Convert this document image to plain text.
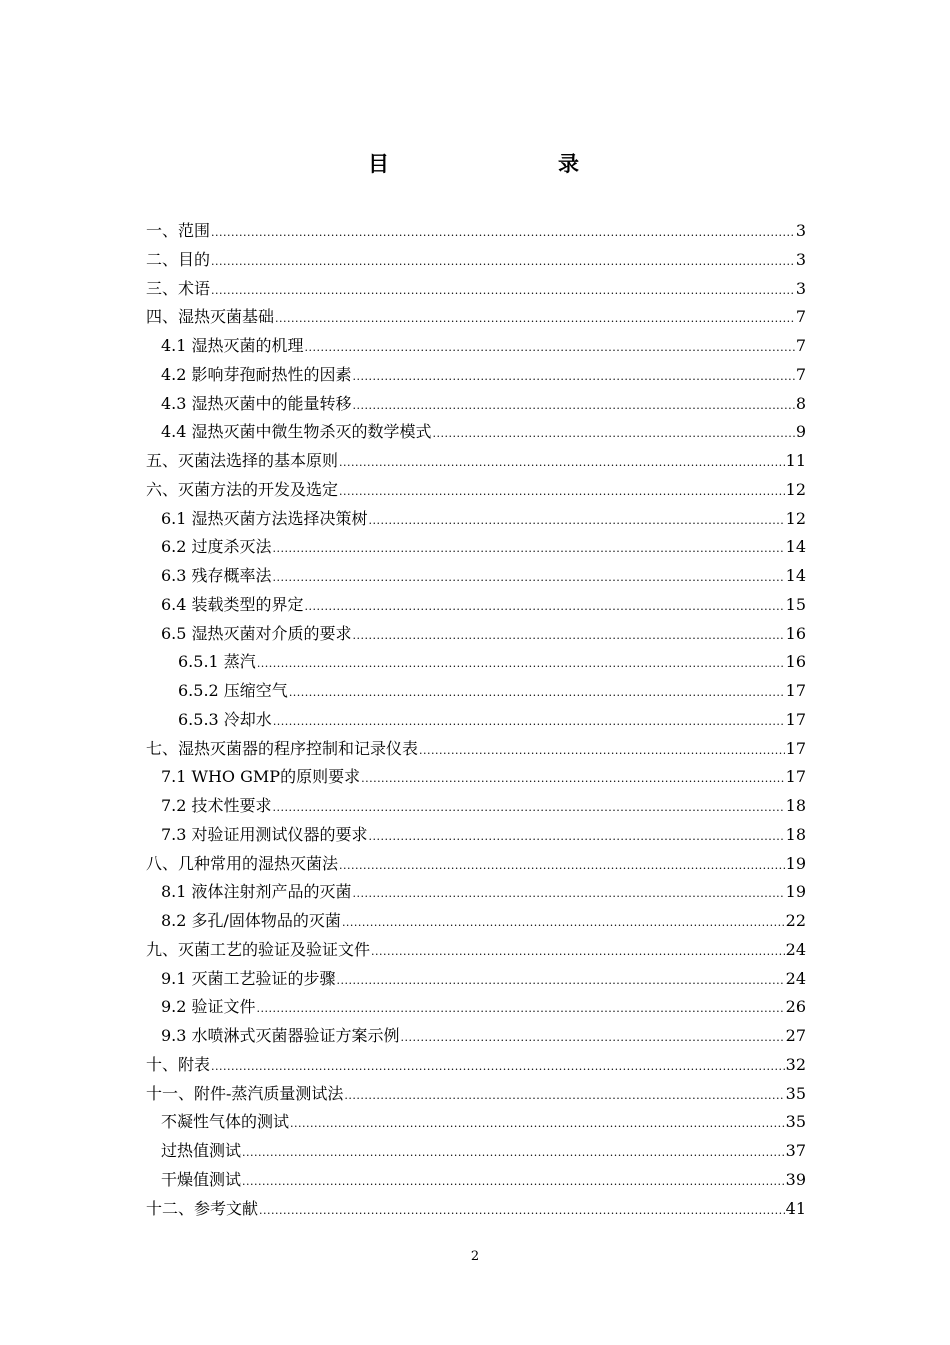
目	录
一、范围 .....	3
二、目的 .....	3
三、术语 .....	3
四、湿热灭菌基础 .....	7
4.1 湿热灭菌的机理 .....	7
4.2 影响芽孢耐热性的因素 .....	7
4.3 湿热灭菌中的能量转移 .....	8
4.4 湿热灭菌中微生物杀灭的数学模式 .....	9
五、灭菌法选择的基本原则 .....	11
六、灭菌方法的开发及选定 .....	12
6.1 湿热灭菌方法选择决策树 .....	12
6.2 过度杀灭法 .....	14
6.3 残存概率法 .....	14
6.4 装载类型的界定 .....	15
6.5 湿热灭菌对介质的要求 .....	16
6.5.1 蒸汽 .....	16
6.5.2 压缩空气 .....	17
6.5.3 冷却水 .....	17
七、湿热灭菌器的程序控制和记录仪表 .....	17
7.1 WHO GMP的原则要求 .....	17
7.2 技术性要求 .....	18
7.3 对验证用测试仪器的要求 .....	18
八、几种常用的湿热灭菌法 .....	19
8.1 液体注射剂产品的灭菌 .....	19
8.2 多孔/固体物品的灭菌 .....	22
九、灭菌工艺的验证及验证文件 .....	24
9.1 灭菌工艺验证的步骤 .....	24
9.2 验证文件 .....	26
9.3 水喷淋式灭菌器验证方案示例 .....	27
十、附表 .....	32
十一、附件-蒸汽质量测试法 .....	35
不凝性气体的测试 .....	35
过热值测试 .....	37
干燥值测试 .....	39
十二、参考文献 .....	41
2
